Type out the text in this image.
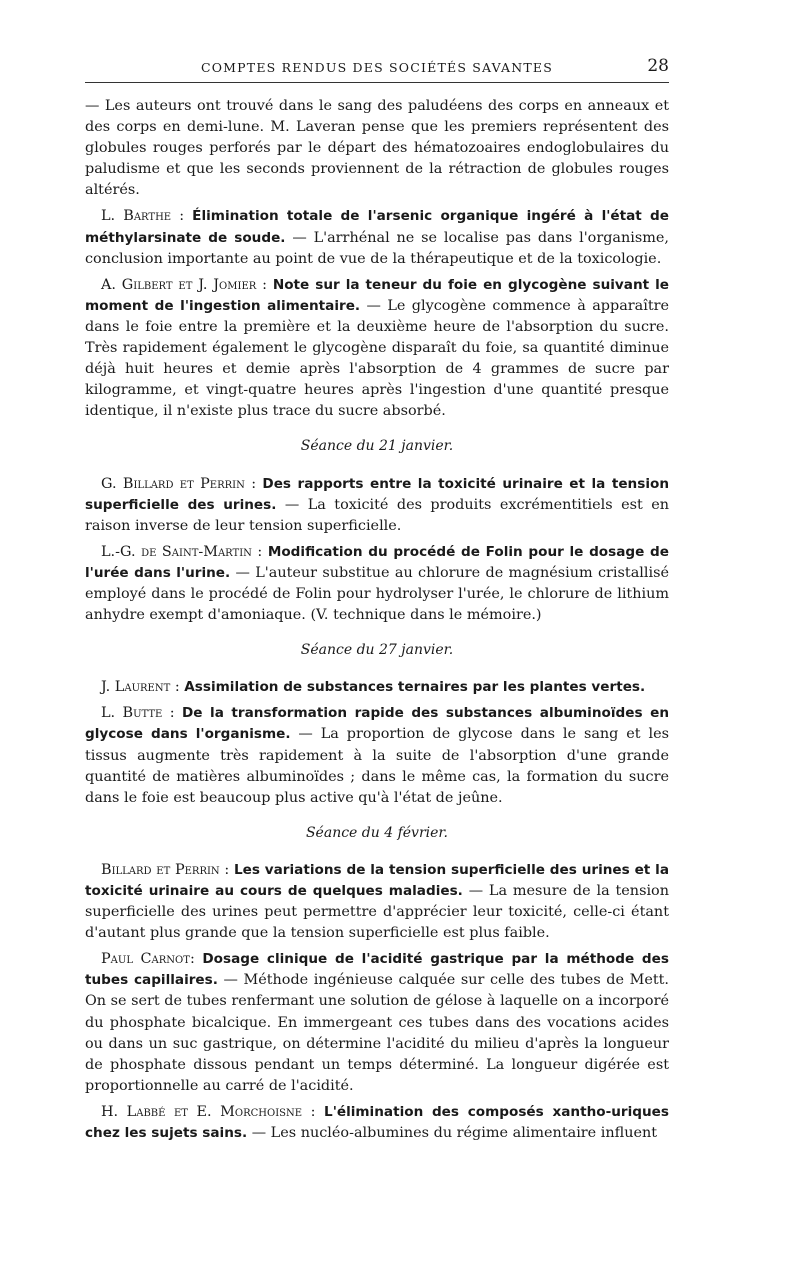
COMPTES RENDUS DES SOCIÉTÉS SAVANTES	28

— Les auteurs ont trouvé dans le sang des paludéens des corps en anneaux et des corps en demi-lune. M. Laveran pense que les premiers représentent des globules rouges perforés par le départ des hématozoaires endoglobulaires du paludisme et que les seconds proviennent de la rétraction de globules rouges altérés.

L. Barthe : Élimination totale de l'arsenic organique ingéré à l'état de méthylarsinate de soude. — L'arrhénal ne se localise pas dans l'organisme, conclusion importante au point de vue de la thérapeutique et de la toxicologie.

A. Gilbert et J. Jomier : Note sur la teneur du foie en glycogène suivant le moment de l'ingestion alimentaire. — Le glycogène commence à apparaître dans le foie entre la première et la deuxième heure de l'absorption du sucre. Très rapidement également le glycogène disparaît du foie, sa quantité diminue déjà huit heures et demie après l'absorption de 4 grammes de sucre par kilogramme, et vingt-quatre heures après l'ingestion d'une quantité presque identique, il n'existe plus trace du sucre absorbé.

Séance du 21 janvier.

G. Billard et Perrin : Des rapports entre la toxicité urinaire et la tension superficielle des urines. — La toxicité des produits excrémentitiels est en raison inverse de leur tension superficielle.

L.-G. de Saint-Martin : Modification du procédé de Folin pour le dosage de l'urée dans l'urine. — L'auteur substitue au chlorure de magnésium cristallisé employé dans le procédé de Folin pour hydrolyser l'urée, le chlorure de lithium anhydre exempt d'amoniaque. (V. technique dans le mémoire.)

Séance du 27 janvier.

J. Laurent : Assimilation de substances ternaires par les plantes vertes.

L. Butte : De la transformation rapide des substances albuminoïdes en glycose dans l'organisme. — La proportion de glycose dans le sang et les tissus augmente très rapidement à la suite de l'absorption d'une grande quantité de matières albuminoïdes ; dans le même cas, la formation du sucre dans le foie est beaucoup plus active qu'à l'état de jeûne.

Séance du 4 février.

Billard et Perrin : Les variations de la tension superficielle des urines et la toxicité urinaire au cours de quelques maladies. — La mesure de la tension superficielle des urines peut permettre d'apprécier leur toxicité, celle-ci étant d'autant plus grande que la tension superficielle est plus faible.

Paul Carnot: Dosage clinique de l'acidité gastrique par la méthode des tubes capillaires. — Méthode ingénieuse calquée sur celle des tubes de Mett. On se sert de tubes renfermant une solution de gélose à laquelle on a incorporé du phosphate bicalcique. En immergeant ces tubes dans des vocations acides ou dans un suc gastrique, on détermine l'acidité du milieu d'après la longueur de phosphate dissous pendant un temps déterminé. La longueur digérée est proportionnelle au carré de l'acidité.

H. Labbé et E. Morchoisne : L'élimination des composés xantho-uriques chez les sujets sains. — Les nucléo-albumines du régime alimentaire influent
